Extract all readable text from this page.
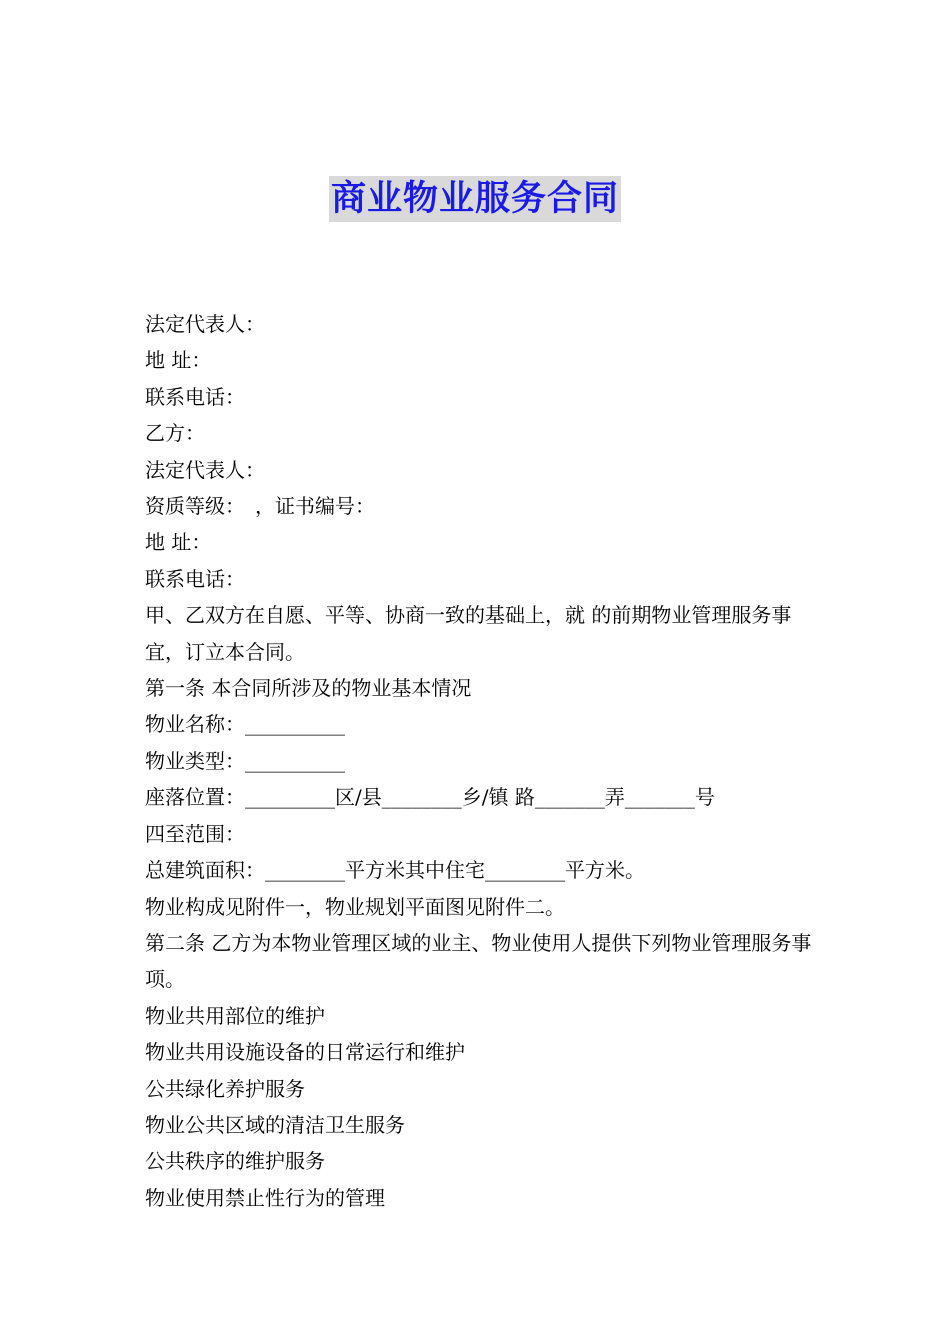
商业物业服务合同
法定代表人：
地 址：
联系电话：
乙方：
法定代表人：
资质等级：　，证书编号：
地 址：
联系电话：
甲、乙双方在自愿、平等、协商一致的基础上，就 的前期物业管理服务事宜，订立本合同。
第一条 本合同所涉及的物业基本情况
物业名称：__________
物业类型：__________
座落位置：_________区/县________乡/镇 路_______弄_______号
四至范围：
总建筑面积：________平方米其中住宅________平方米。
物业构成见附件一，物业规划平面图见附件二。
第二条 乙方为本物业管理区域的业主、物业使用人提供下列物业管理服务事项。
物业共用部位的维护
物业共用设施设备的日常运行和维护
公共绿化养护服务
物业公共区域的清洁卫生服务
公共秩序的维护服务
物业使用禁止性行为的管理
